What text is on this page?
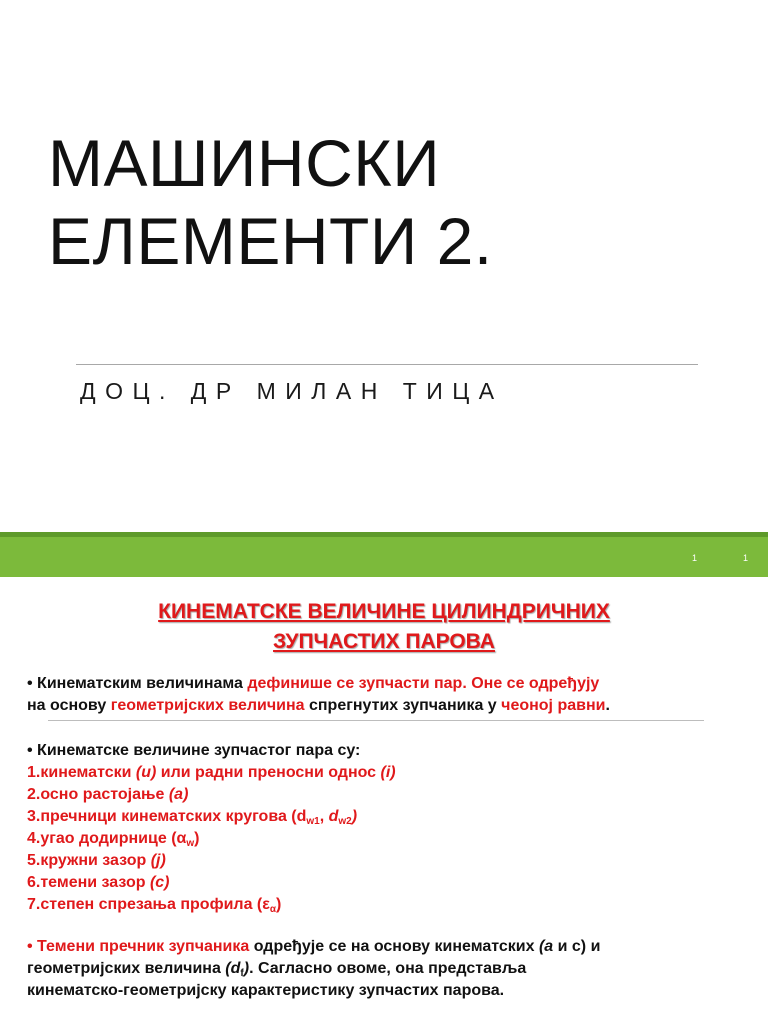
МАШИНСКИ
ЕЛЕМЕНТИ 2.
ДОЦ. ДР МИЛАН ТИЦА
1	1
КИНЕМАТСКЕ ВЕЛИЧИНЕ ЦИЛИНДРИЧНИХ
ЗУПЧАСТИХ ПАРОВА
• Кинематским величинама дефинише се зупчасти пар. Оне се одређују
на основу геометријских величина спрегнутих зупчаника у чеоној равни.
• Кинематске величине зупчастог пара су:
1.кинематски (u) или радни преносни однос (i)
2.осно растојање (a)
3.пречници кинематских кругова ($d_{w1}$, $d_{w2}$)
4.угао додирнице $(\alpha_w)$
5.кружни зазор (j)
6.темени зазор (c)
7.степен спрезања профила $(\varepsilon_\alpha)$
• Темени пречник зупчаника одређује се на основу кинематских (a и c) и
геометријских величина $(d_f)$. Сагласно овоме, она представља
кинематско-геометријску карактеристику зупчастих парова.
